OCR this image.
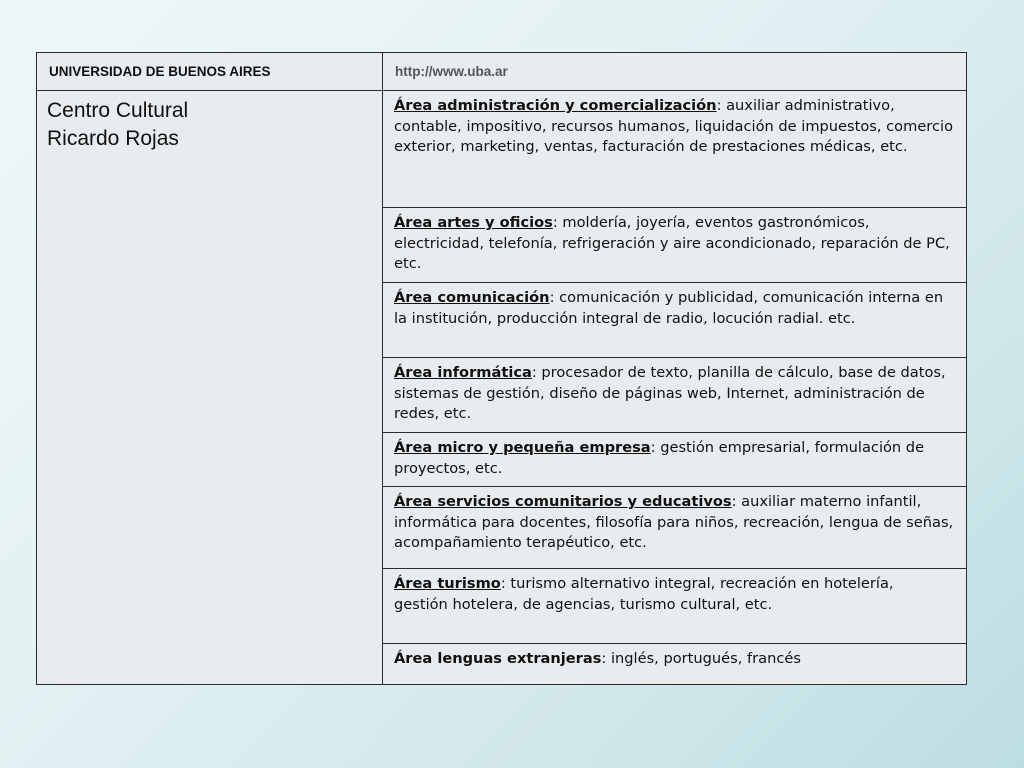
UNIVERSIDAD DE BUENOS AIRES	http://www.uba.ar

Centro Cultural
Ricardo Rojas	Área administración y comercialización: auxiliar administrativo, contable, impositivo, recursos humanos, liquidación de impuestos, comercio exterior, marketing, ventas, facturación de prestaciones médicas, etc.
	Área artes y oficios: moldería, joyería, eventos gastronómicos, electricidad, telefonía, refrigeración y aire acondicionado, reparación de PC, etc.
	Área comunicación: comunicación y publicidad, comunicación interna en la institución, producción integral de radio, locución radial. etc.
	Área informática: procesador de texto, planilla de cálculo, base de datos, sistemas de gestión, diseño de páginas web, Internet, administración de redes, etc.
	Área micro y pequeña empresa: gestión empresarial, formulación de proyectos, etc.
	Área servicios comunitarios y educativos: auxiliar materno infantil, informática para docentes, filosofía para niños, recreación, lengua de señas, acompañamiento terapéutico, etc.
	Área turismo: turismo alternativo integral, recreación en hotelería,
gestión hotelera, de agencias, turismo cultural, etc.
	Área lenguas extranjeras: inglés, portugués, francés
